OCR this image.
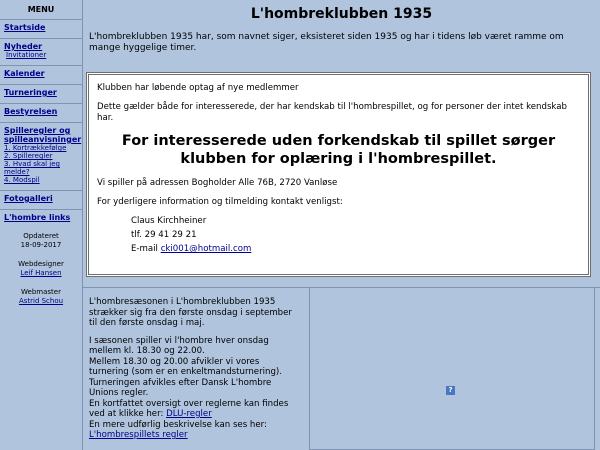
MENU
Startside
Nyheder
Invitationer
Kalender
Turneringer
Bestyrelsen
Spilleregler og spilleanvisninger
1. Kortrækkefølge
2. Spilleregler
3. Hvad skal jeg melde?
4. Modspil
Fotogalleri
L'hombre links
Opdateret
18-09-2017
Webdesigner
Leif Hansen
Webmaster
Astrid Schou
L'hombreklubben 1935
L'hombreklubben 1935 har, som navnet siger, eksisteret siden 1935 og har i tidens løb været ramme om mange hyggelige timer.

Klubben har løbende optag af nye medlemmer

Dette gælder både for interesserede, der har kendskab til l'hombrespillet, og for personer der intet kendskab har.

For interesserede uden forkendskab til spillet sørger klubben for oplæring i l'hombrespillet.

Vi spiller på adressen Bogholder Alle 76B, 2720 Vanløse

For yderligere information og tilmelding kontakt venligst:

Claus Kirchheiner
tlf. 29 41 29 21
E-mail cki001@hotmail.com

L'hombresæsonen i L'hombreklubben 1935 strækker sig fra den første onsdag i september til den første onsdag i maj.

I sæsonen spiller vi l'hombre hver onsdag mellem kl. 18.30 og 22.00.
Mellem 18.30 og 20.00 afvikler vi vores turnering (som er en enkeltmandsturnering).
Turneringen afvikles efter Dansk L'hombre Unions regler.
En kortfattet oversigt over reglerne kan findes ved at klikke her: DLU-regler
En mere udførlig beskrivelse kan ses her:
L'hombrespillets regler

?
